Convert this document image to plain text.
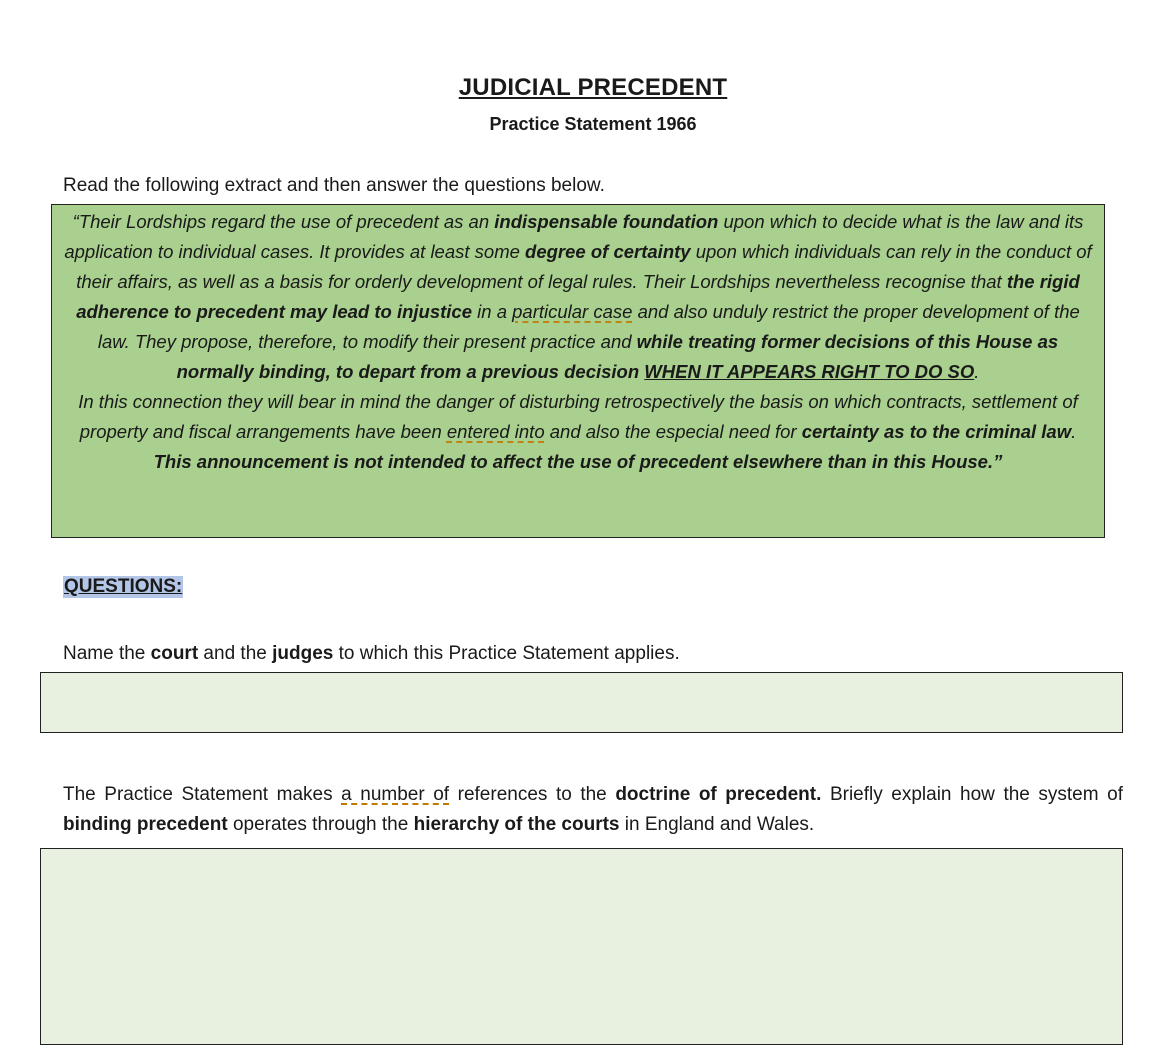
JUDICIAL PRECEDENT
Practice Statement 1966
Read the following extract and then answer the questions below.

“Their Lordships regard the use of precedent as an indispensable foundation upon which to decide what is the law and its application to individual cases. It provides at least some degree of certainty upon which individuals can rely in the conduct of their affairs, as well as a basis for orderly development of legal rules. Their Lordships nevertheless recognise that the rigid adherence to precedent may lead to injustice in a particular case and also unduly restrict the proper development of the law. They propose, therefore, to modify their present practice and while treating former decisions of this House as normally binding, to depart from a previous decision WHEN IT APPEARS RIGHT TO DO SO.

In this connection they will bear in mind the danger of disturbing retrospectively the basis on which contracts, settlement of property and fiscal arrangements have been entered into and also the especial need for certainty as to the criminal law.

This announcement is not intended to affect the use of precedent elsewhere than in this House.”

QUESTIONS:
Name the court and the judges to which this Practice Statement applies.
The Practice Statement makes a number of references to the doctrine of precedent. Briefly explain how the system of binding precedent operates through the hierarchy of the courts in England and Wales.
